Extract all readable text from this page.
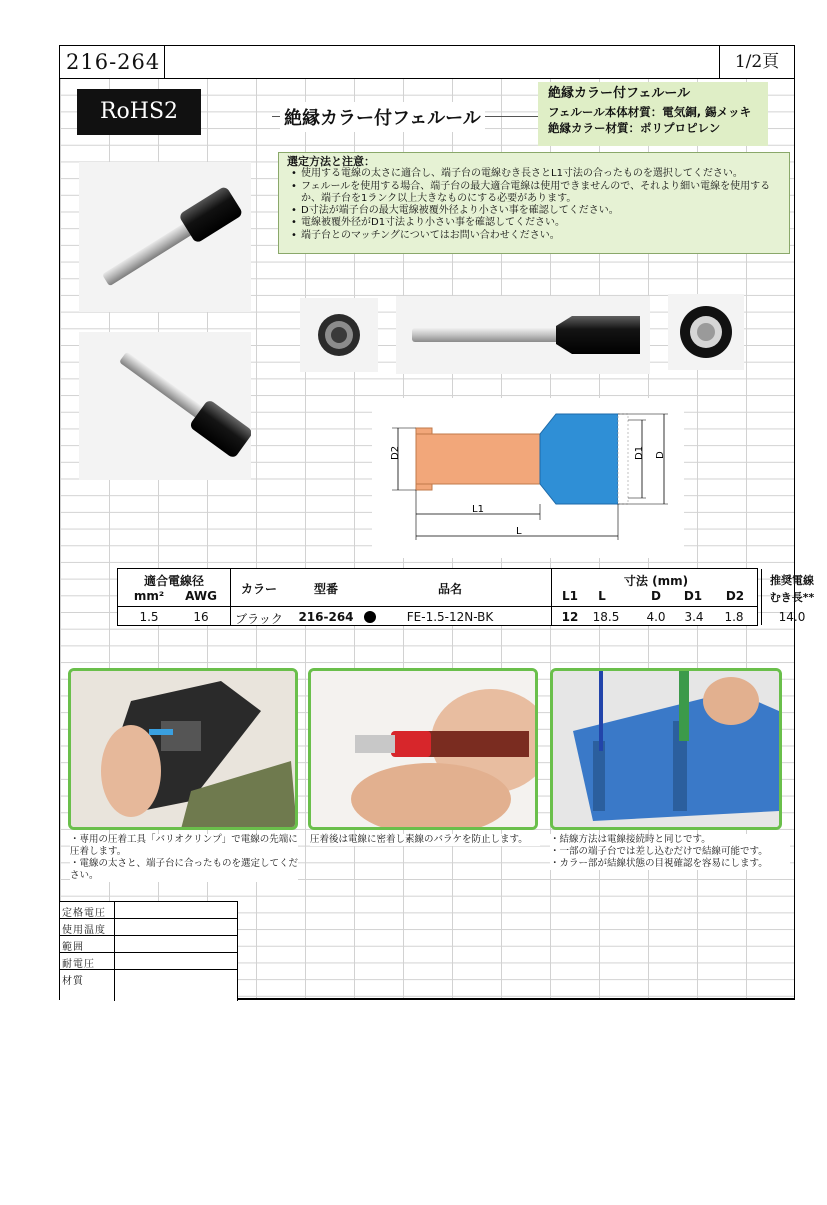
216-264	1/2頁
RoHS2	絶縁カラー付フェルール
絶縁カラー付フェルール
フェルール本体材質：電気銅, 錫メッキ
絶縁カラー材質：ポリプロピレン
選定方法と注意：
• 使用する電線の太さに適合し、端子台の電線むき長さとL1寸法の合ったものを選択してください。
• フェルールを使用する場合、端子台の最大適合電線は使用できませんので、それより細い電線を使用するか、端子台を1ランク以上大きなものにする必要があります。
• D寸法が端子台の最大電線被覆外径より小さい事を確認してください。
• 電線被覆外径がD1寸法より小さい事を確認してください。
• 端子台とのマッチングについてはお問い合わせください。
D2	D1 D
L1
L
適合電線径
mm²	AWG	カラー	型番	品名
寸法 (mm)
L1	L	D	D1	D2
推奨電線
むき長**
1.5	16	ブラック	216-264	FE-1.5-12N-BK	12	18.5	4.0	3.4	1.8	14.0
・専用の圧着工具「バリオクリンプ」で電線の先端に圧着します。
・電線の太さと、端子台に合ったものを選定してください。
圧着後は電線に密着し素線のバラケを防止します。	・結線方法は電線接続時と同じです。
・一部の端子台では差し込むだけで結線可能です。
・カラー部が結線状態の目視確認を容易にします。
定格電圧
使用温度
範囲
耐電圧
材質
